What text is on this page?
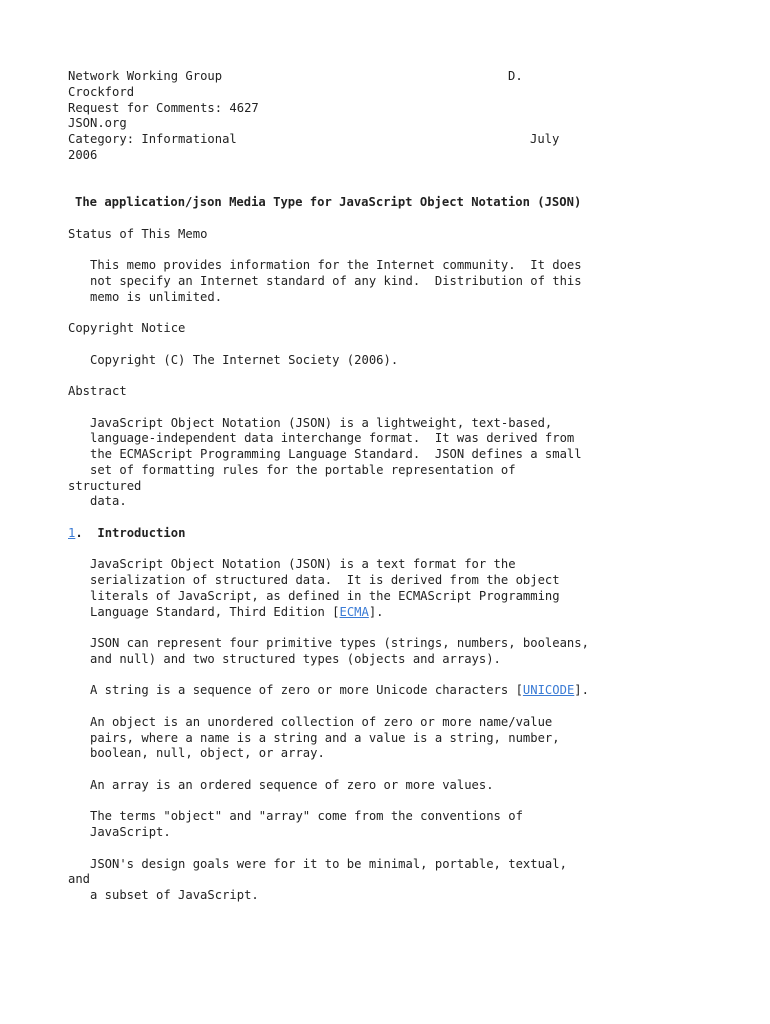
Network Working Group	D.
Crockford
Request for Comments: 4627
JSON.org
Category: Informational	July
2006
The application/json Media Type for JavaScript Object Notation (JSON)
Status of This Memo
This memo provides information for the Internet community.  It does
not specify an Internet standard of any kind.  Distribution of this
memo is unlimited.
Copyright Notice
Copyright (C) The Internet Society (2006).
Abstract
JavaScript Object Notation (JSON) is a lightweight, text-based,
language-independent data interchange format.  It was derived from
the ECMAScript Programming Language Standard.  JSON defines a small
set of formatting rules for the portable representation of
structured
data.
1.  Introduction
JavaScript Object Notation (JSON) is a text format for the
serialization of structured data.  It is derived from the object
literals of JavaScript, as defined in the ECMAScript Programming
Language Standard, Third Edition [ECMA].
JSON can represent four primitive types (strings, numbers, booleans,
and null) and two structured types (objects and arrays).
A string is a sequence of zero or more Unicode characters [UNICODE].
An object is an unordered collection of zero or more name/value
pairs, where a name is a string and a value is a string, number,
boolean, null, object, or array.
An array is an ordered sequence of zero or more values.
The terms "object" and "array" come from the conventions of
JavaScript.
JSON's design goals were for it to be minimal, portable, textual,
and
a subset of JavaScript.
